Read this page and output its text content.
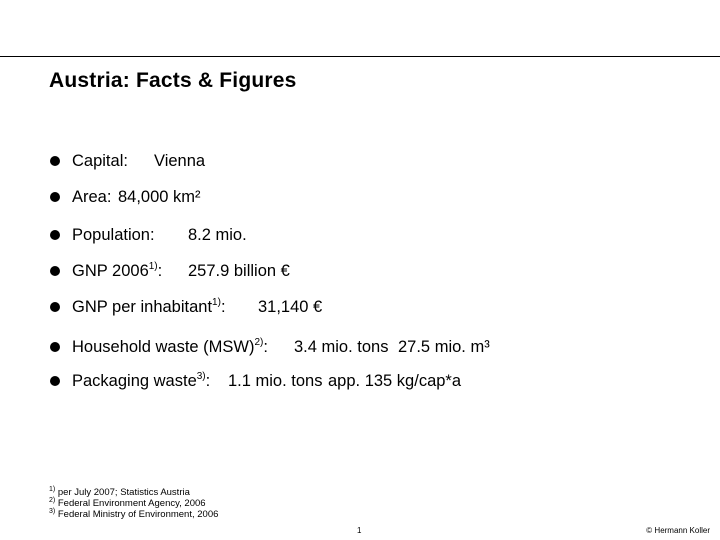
Austria: Facts & Figures
Capital: Vienna
Area: 84,000 km²
Population: 8.2 mio.
GNP 2006$^{1)}$: 257.9 billion €
GNP per inhabitant$^{1)}$: 31,140 €
Household waste (MSW)$^{2)}$: 3.4 mio. tons 27.5 mio. m³
Packaging waste$^{3)}$: 1.1 mio. tons app. 135 kg/cap*a
$^{1)}$ per July 2007; Statistics Austria
$^{2)}$ Federal Environment Agency, 2006
$^{3)}$ Federal Ministry of Environment, 2006
1	© Hermann Koller
